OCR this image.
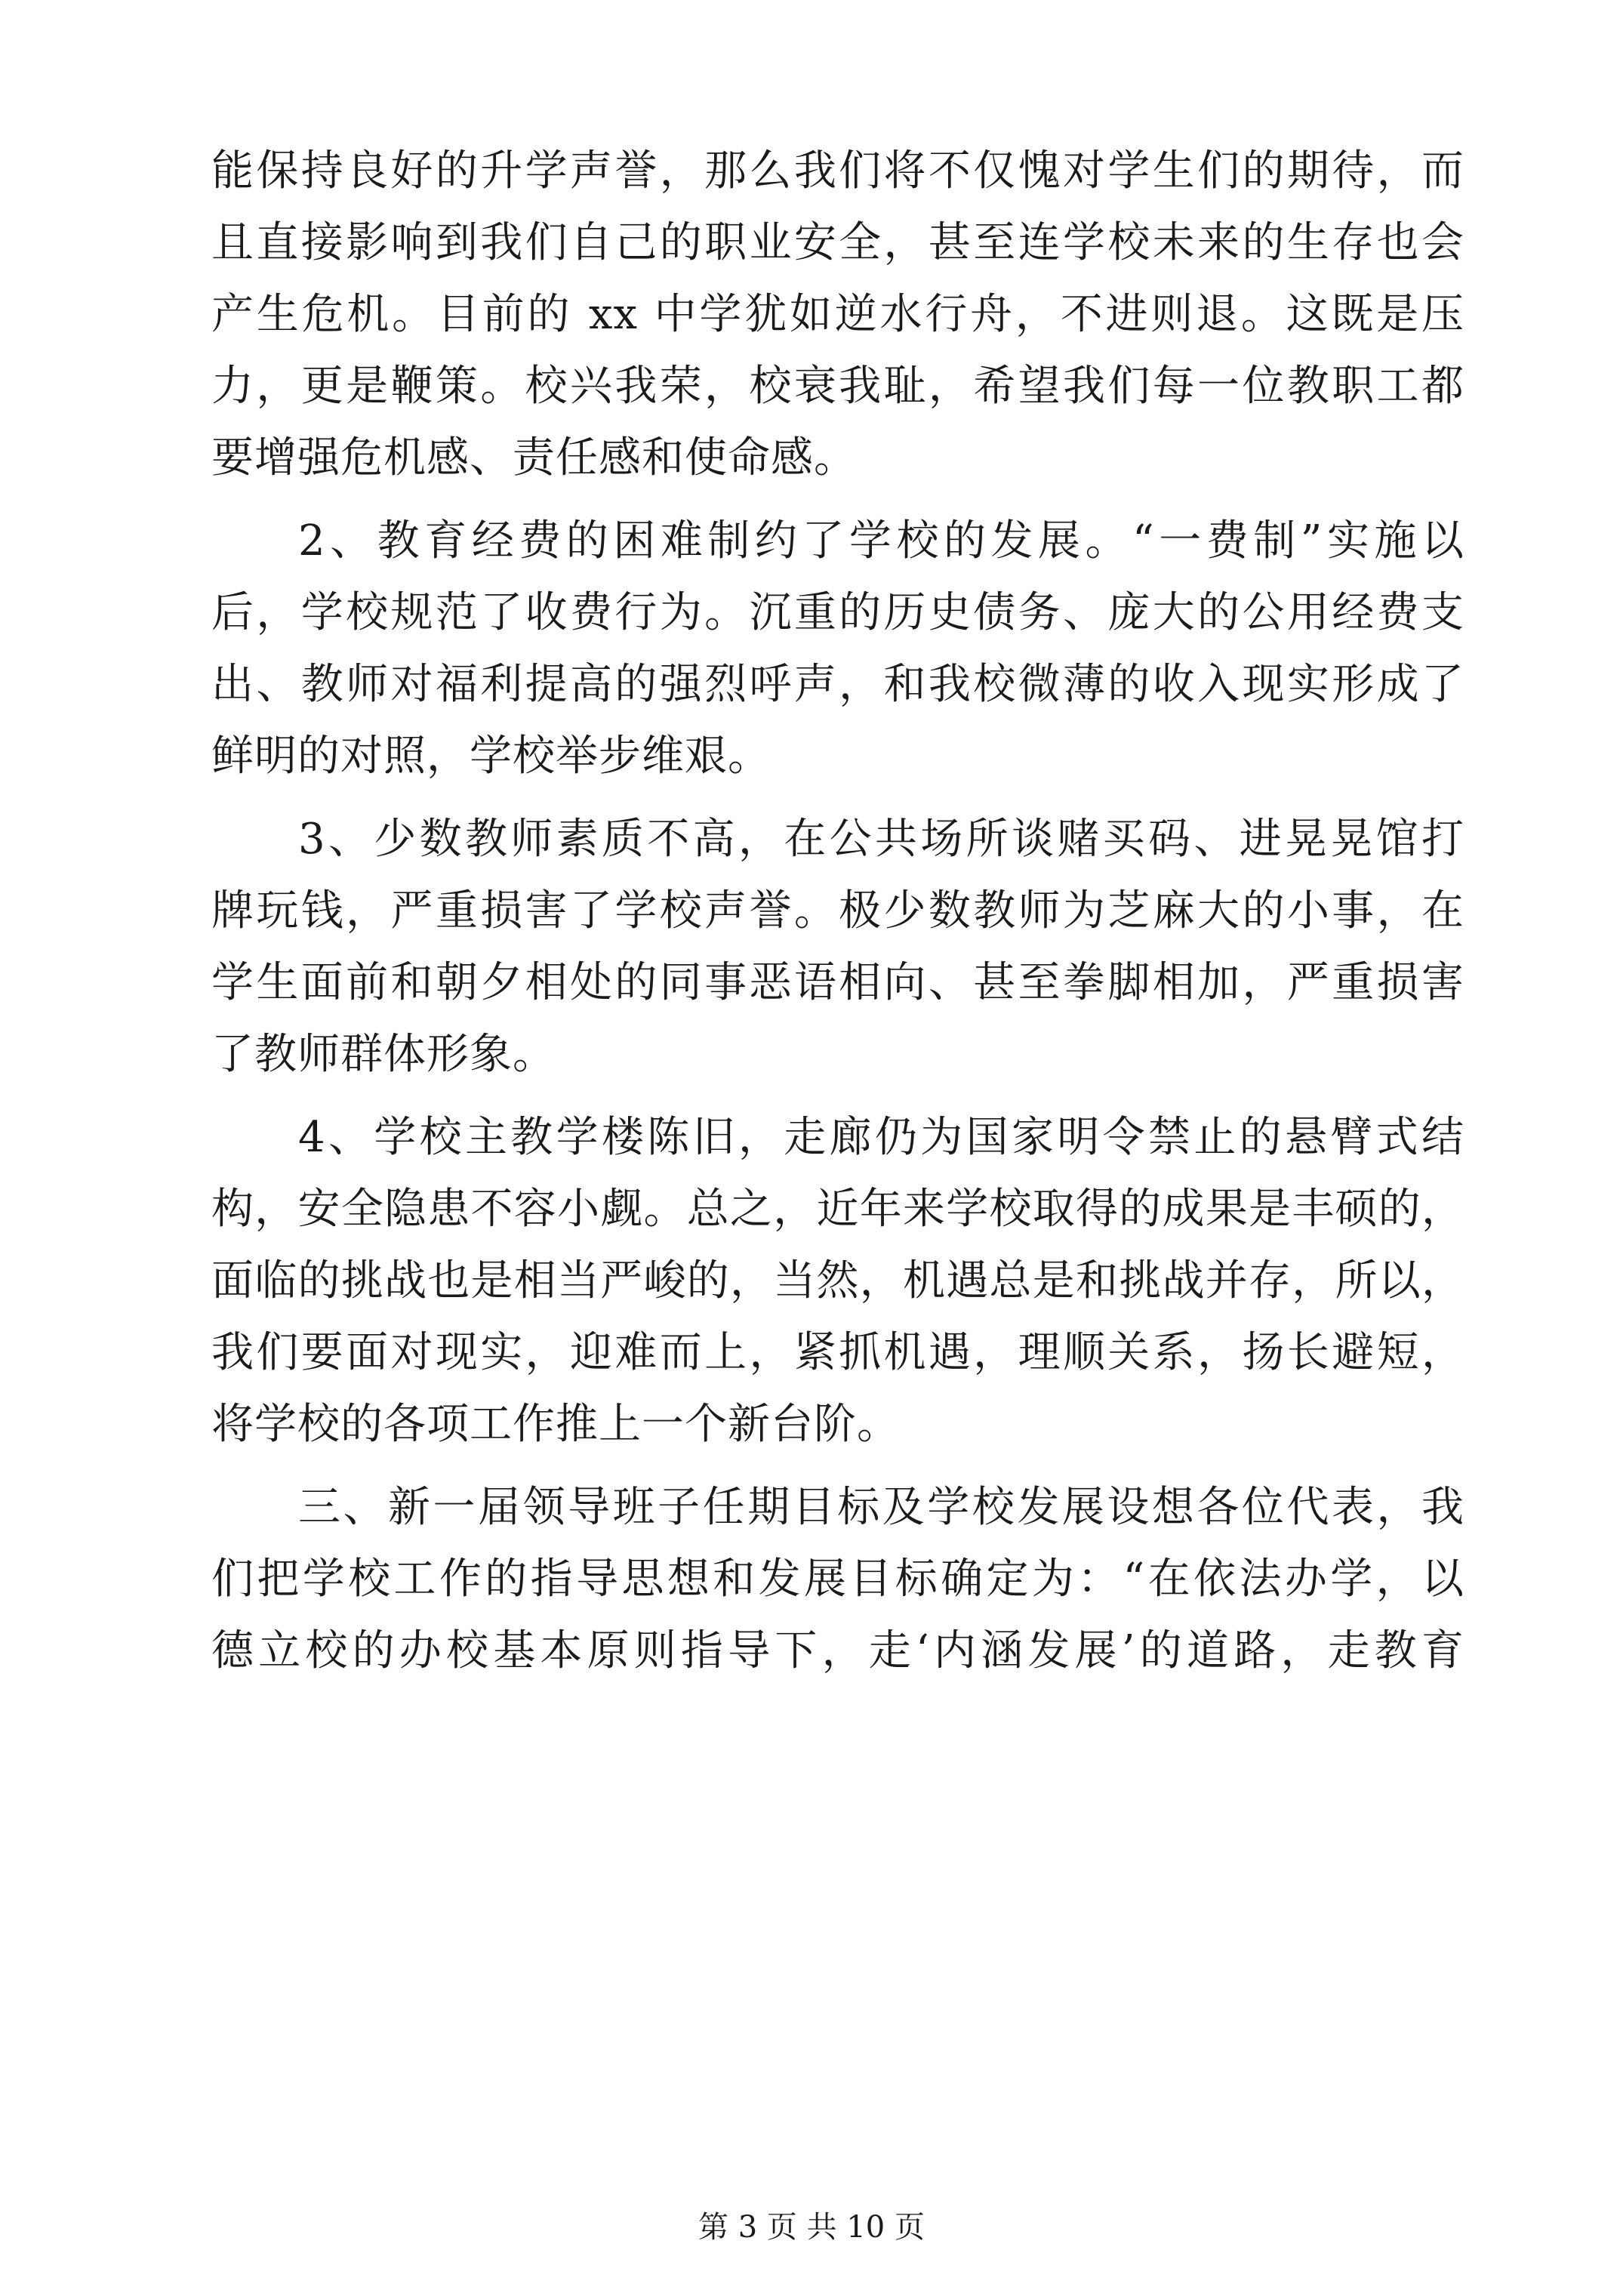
能保持良好的升学声誉，那么我们将不仅愧对学生们的期待，而
且直接影响到我们自己的职业安全，甚至连学校未来的生存也会
产生危机。目前的 xx 中学犹如逆水行舟，不进则退。这既是压
力，更是鞭策。校兴我荣，校衰我耻，希望我们每一位教职工都
要增强危机感、责任感和使命感。
2、教育经费的困难制约了学校的发展。“一费制”实施以
后，学校规范了收费行为。沉重的历史债务、庞大的公用经费支
出、教师对福利提高的强烈呼声，和我校微薄的收入现实形成了
鲜明的对照，学校举步维艰。
3、少数教师素质不高，在公共场所谈赌买码、进晃晃馆打
牌玩钱，严重损害了学校声誉。极少数教师为芝麻大的小事，在
学生面前和朝夕相处的同事恶语相向、甚至拳脚相加，严重损害
了教师群体形象。
4、学校主教学楼陈旧，走廊仍为国家明令禁止的悬臂式结
构，安全隐患不容小觑。总之，近年来学校取得的成果是丰硕的，
面临的挑战也是相当严峻的，当然，机遇总是和挑战并存，所以，
我们要面对现实，迎难而上，紧抓机遇，理顺关系，扬长避短，
将学校的各项工作推上一个新台阶。
三、新一届领导班子任期目标及学校发展设想各位代表，我
们把学校工作的指导思想和发展目标确定为：“在依法办学，以
德立校的办校基本原则指导下，走‘内涵发展’的道路，走教育
第 3 页 共 10 页
